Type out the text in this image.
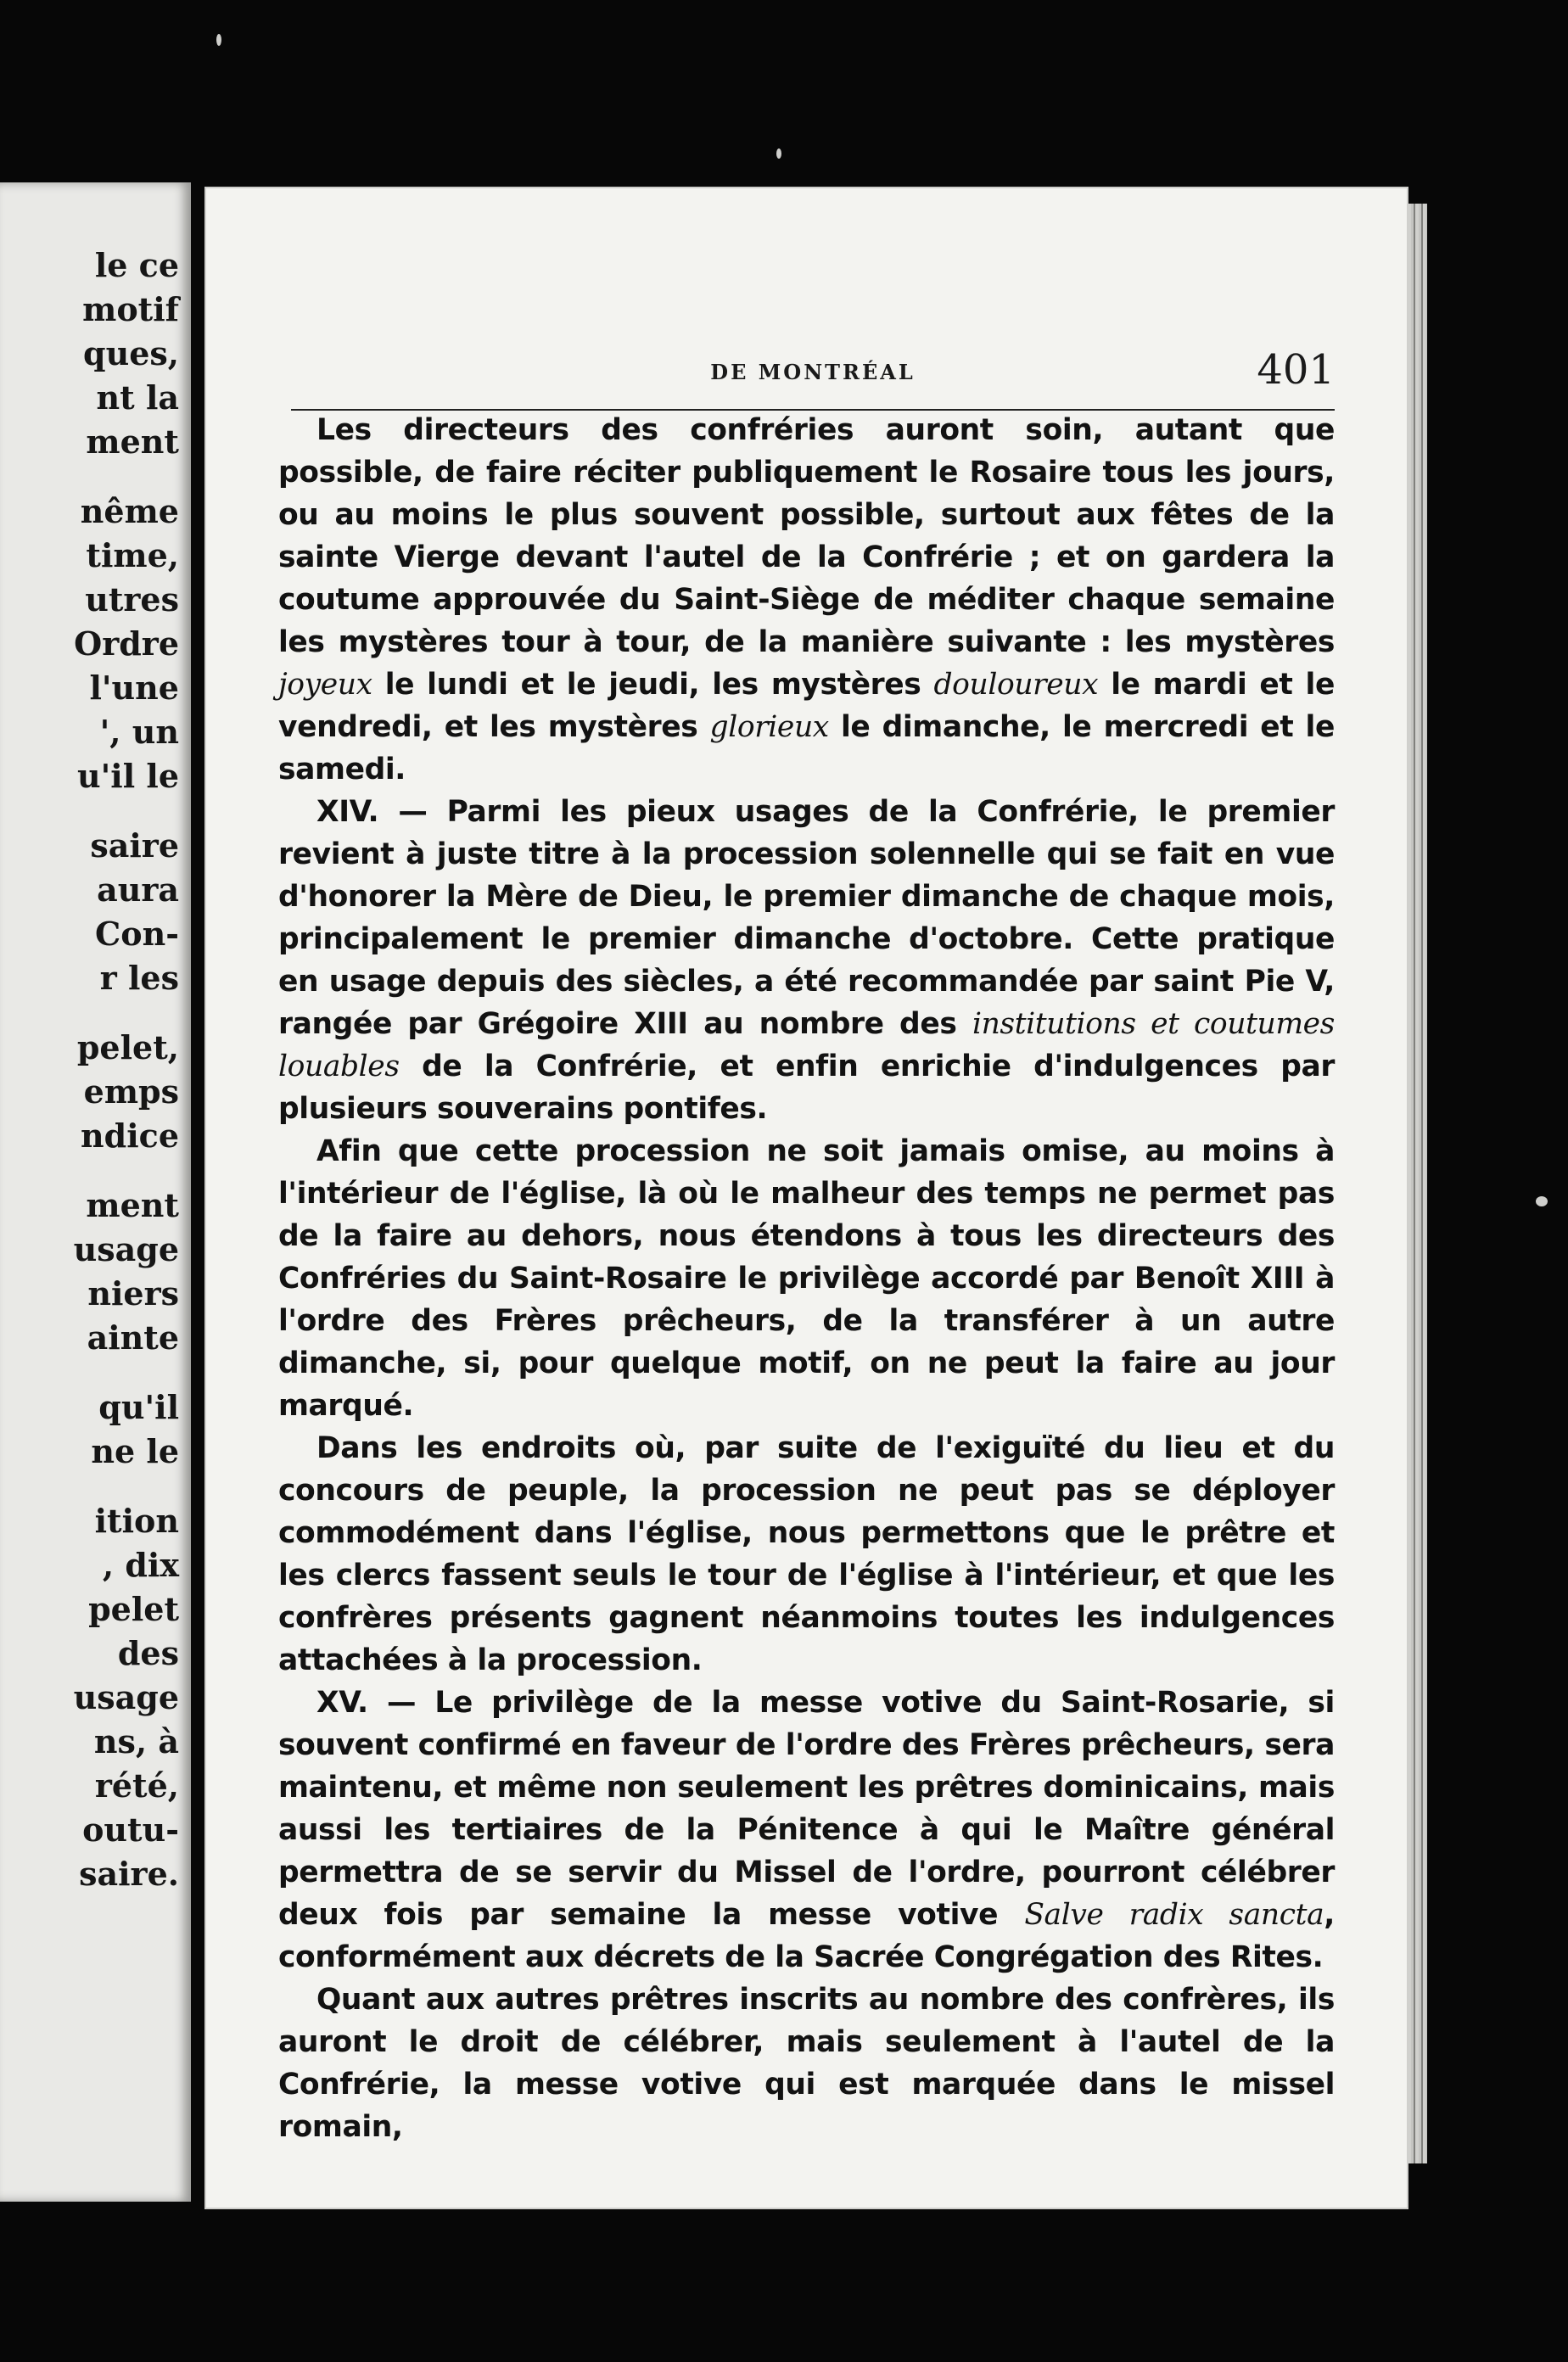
le ce
motif
ques,
nt la
ment
nême
time,
utres
Ordre
l'une
', un
u'il le
saire
aura
Con-
r les
pelet,
emps
ndice
ment
usage
niers
ainte
qu'il
ne le
ition
, dix
pelet
des
usage
ns, à
rété,
outu-
saire.
DE MONTRÉAL	401

Les directeurs des confréries auront soin, autant que possible, de faire réciter publiquement le Rosaire tous les jours, ou au moins le plus souvent possible, surtout aux fêtes de la sainte Vierge devant l'autel de la Confrérie ; et on gardera la coutume approuvée du Saint-Siège de méditer chaque semaine les mystères tour à tour, de la manière suivante : les mystères joyeux le lundi et le jeudi, les mystères douloureux le mardi et le vendredi, et les mystères glorieux le dimanche, le mercredi et le samedi.

XIV. — Parmi les pieux usages de la Confrérie, le premier revient à juste titre à la procession solennelle qui se fait en vue d'honorer la Mère de Dieu, le premier dimanche de chaque mois, principalement le premier dimanche d'octobre. Cette pratique en usage depuis des siècles, a été recommandée par saint Pie V, rangée par Grégoire XIII au nombre des institutions et coutumes louables de la Confrérie, et enfin enrichie d'indulgences par plusieurs souverains pontifes.

Afin que cette procession ne soit jamais omise, au moins à l'intérieur de l'église, là où le malheur des temps ne permet pas de la faire au dehors, nous étendons à tous les directeurs des Confréries du Saint-Rosaire le privilège accordé par Benoît XIII à l'ordre des Frères prêcheurs, de la transférer à un autre dimanche, si, pour quelque motif, on ne peut la faire au jour marqué.

Dans les endroits où, par suite de l'exiguïté du lieu et du concours de peuple, la procession ne peut pas se déployer commodément dans l'église, nous permettons que le prêtre et les clercs fassent seuls le tour de l'église à l'intérieur, et que les confrères présents gagnent néanmoins toutes les indulgences attachées à la procession.

XV. — Le privilège de la messe votive du Saint-Rosarie, si souvent confirmé en faveur de l'ordre des Frères prêcheurs, sera maintenu, et même non seulement les prêtres dominicains, mais aussi les tertiaires de la Pénitence à qui le Maître général permettra de se servir du Missel de l'ordre, pourront célébrer deux fois par semaine la messe votive Salve radix sancta, conformément aux décrets de la Sacrée Congrégation des Rites.

Quant aux autres prêtres inscrits au nombre des confrères, ils auront le droit de célébrer, mais seulement à l'autel de la Confrérie, la messe votive qui est marquée dans le missel romain,
